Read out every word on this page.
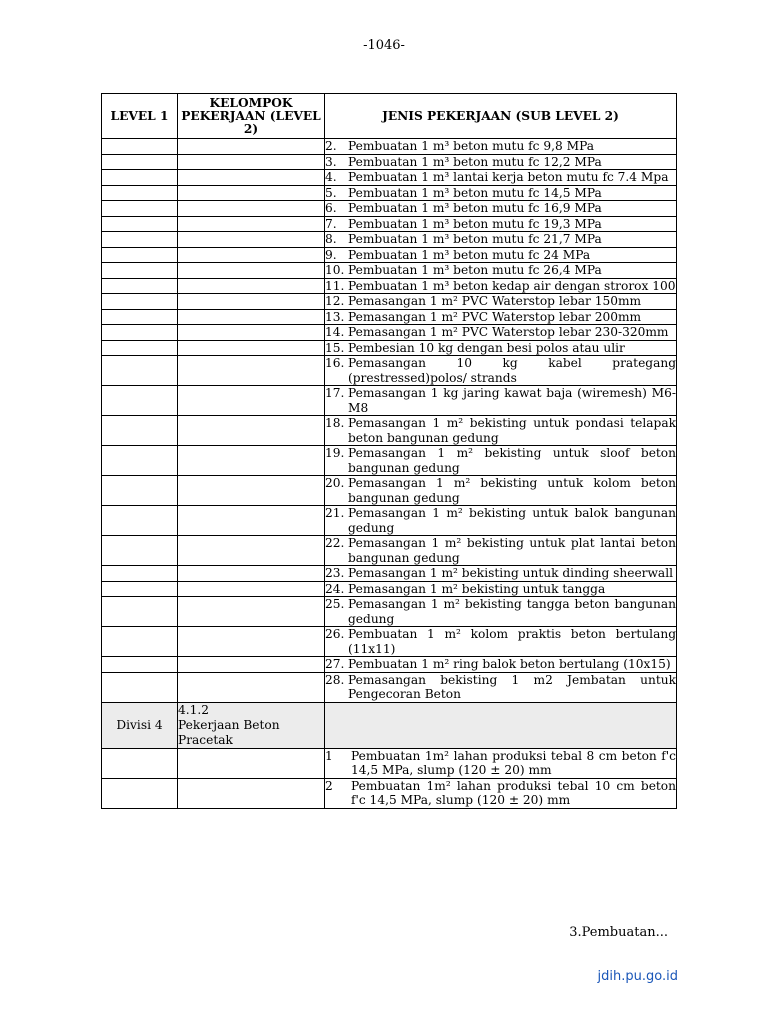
-1046-
LEVEL 1	KELOMPOK PEKERJAAN (LEVEL 2)	JENIS PEKERJAAN (SUB LEVEL 2)

		2. Pembuatan 1 m³ beton mutu fc 9,8 MPa

		3. Pembuatan 1 m³ beton mutu fc 12,2 MPa

		4. Pembuatan 1 m³ lantai kerja beton mutu fc 7.4 Mpa

		5. Pembuatan 1 m³ beton mutu fc 14,5 MPa

		6. Pembuatan 1 m³ beton mutu fc 16,9 MPa

		7. Pembuatan 1 m³ beton mutu fc 19,3 MPa

		8. Pembuatan 1 m³ beton mutu fc 21,7 MPa

		9. Pembuatan 1 m³ beton mutu fc 24 MPa

		10. Pembuatan 1 m³ beton mutu fc 26,4 MPa

		11. Pembuatan 1 m³ beton kedap air dengan strorox 100

		12. Pemasangan 1 m² PVC Waterstop lebar 150mm

		13. Pemasangan 1 m² PVC Waterstop lebar 200mm

		14. Pemasangan 1 m² PVC Waterstop lebar 230-320mm

		15. Pembesian 10 kg dengan besi polos atau ulir

		16. Pemasangan 10 kg kabel prategang (prestressed)polos/ strands

		17. Pemasangan 1 kg jaring kawat baja (wiremesh) M6-M8

		18. Pemasangan 1 m² bekisting untuk pondasi telapak beton bangunan gedung

		19. Pemasangan 1 m² bekisting untuk sloof beton bangunan gedung

		20. Pemasangan 1 m² bekisting untuk kolom beton bangunan gedung

		21. Pemasangan 1 m² bekisting untuk balok bangunan gedung

		22. Pemasangan 1 m² bekisting untuk plat lantai beton bangunan gedung

		23. Pemasangan 1 m² bekisting untuk dinding sheerwall

		24. Pemasangan 1 m² bekisting untuk tangga

		25. Pemasangan 1 m² bekisting tangga beton bangunan gedung

		26. Pembuatan 1 m² kolom praktis beton bertulang (11x11)

		27. Pembuatan 1 m² ring balok beton bertulang (10x15)

		28. Pemasangan bekisting 1 m2 Jembatan untuk Pengecoran Beton

Divisi 4	4.1.2
Pekerjaan Beton Pracetak	

		1 Pembuatan 1m² lahan produksi tebal 8 cm beton f'c 14,5 MPa, slump (120 ± 20) mm

		2 Pembuatan 1m² lahan produksi tebal 10 cm beton f'c 14,5 MPa, slump (120 ± 20) mm
3.Pembuatan...
jdih.pu.go.id
